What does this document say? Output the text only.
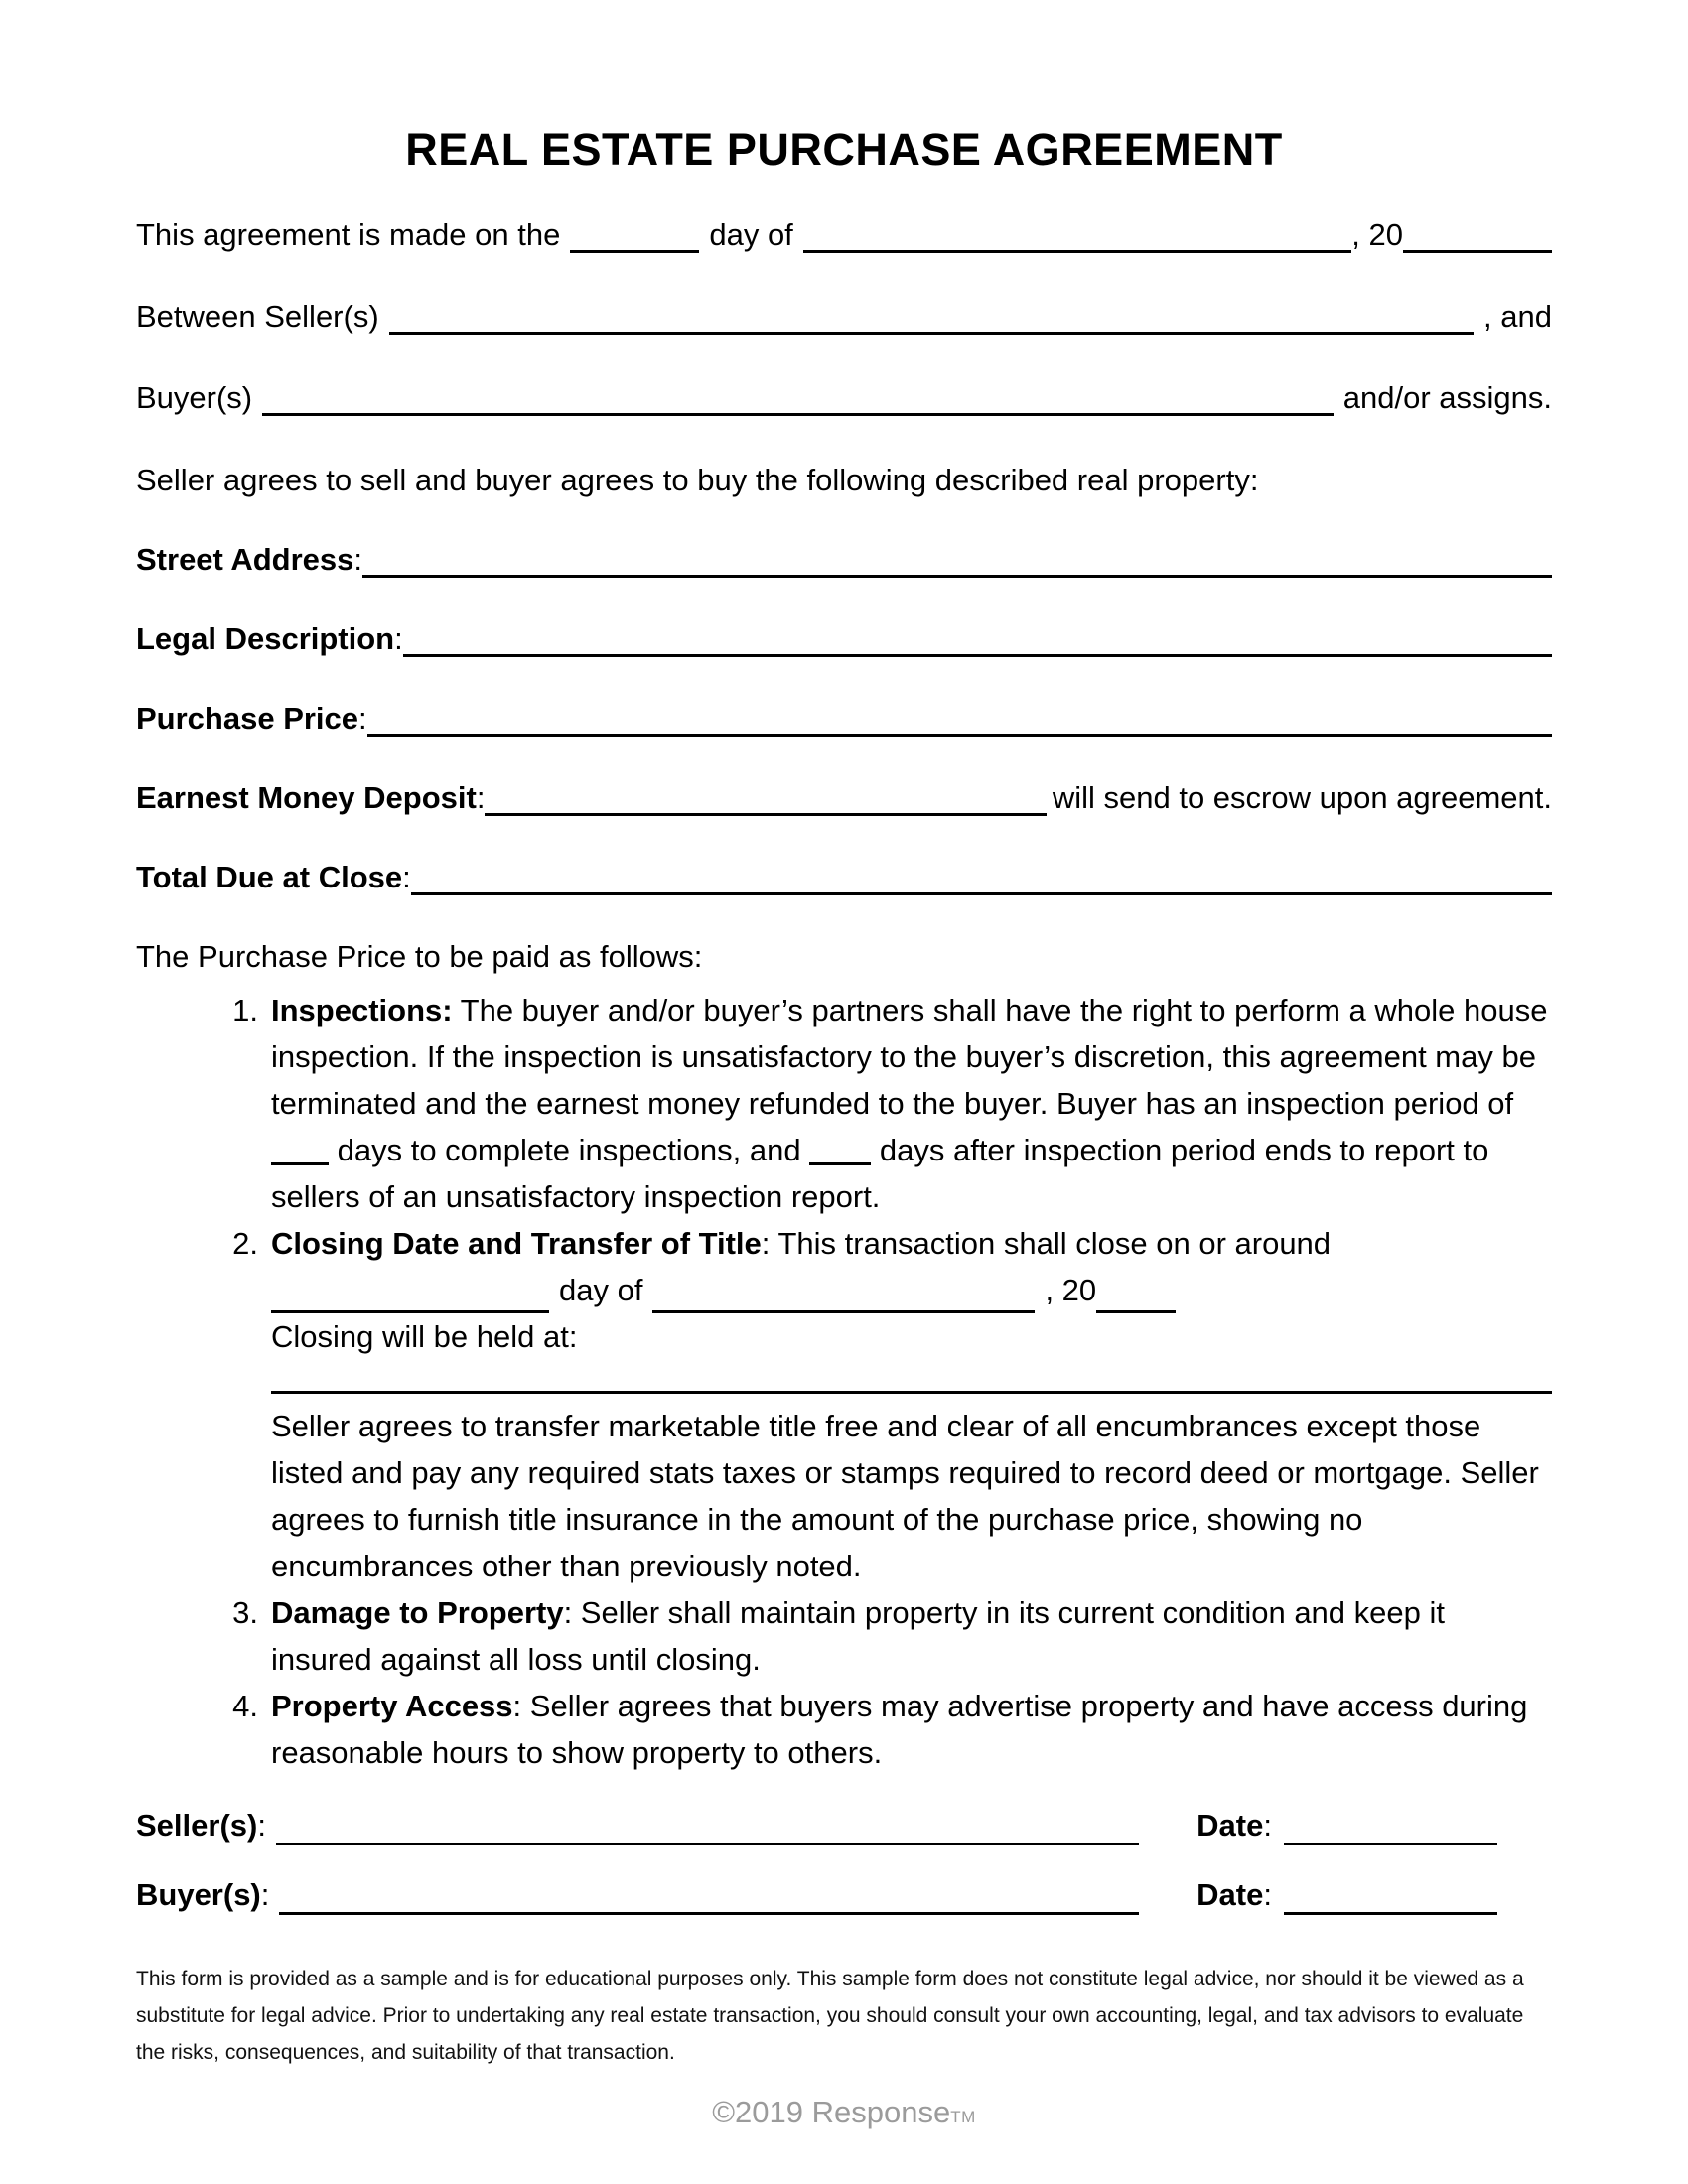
REAL ESTATE PURCHASE AGREEMENT
This agreement is made on the	day of	, 20
Between Seller(s)	, and
Buyer(s)	and/or assigns.

Seller agrees to sell and buyer agrees to buy the following described real property:

Street Address :
Legal Description :
Purchase Price :
Earnest Money Deposit :	will send to escrow upon agreement.
Total Due at Close :

The Purchase Price to be paid as follows:

1. Inspections: The buyer and/or buyer’s partners shall have the right to perform a whole house inspection. If the inspection is unsatisfactory to the buyer’s discretion, this agreement may be terminated and the earnest money refunded to the buyer. Buyer has an inspection period of  days to complete inspections, and	days after inspection period ends to report to sellers of an unsatisfactory inspection report.
2. Closing Date and Transfer of Title: This transaction shall close on or around

day of	, 20

Closing will be held at:

Seller agrees to transfer marketable title free and clear of all encumbrances except those listed and pay any required stats taxes or stamps required to record deed or mortgage. Seller agrees to furnish title insurance in the amount of the purchase price, showing no encumbrances other than previously noted.

3. Damage to Property: Seller shall maintain property in its current condition and keep it insured against all loss until closing.
4. Property Access: Seller agrees that buyers may advertise property and have access during reasonable hours to show property to others.
Seller(s) :	Date :
Buyer(s) :	Date :

This form is provided as a sample and is for educational purposes only. This sample form does not constitute legal advice, nor should it be viewed as a substitute for legal advice. Prior to undertaking any real estate transaction, you should consult your own accounting, legal, and tax advisors to evaluate the risks, consequences, and suitability of that transaction.

©2019 ResponseTM
